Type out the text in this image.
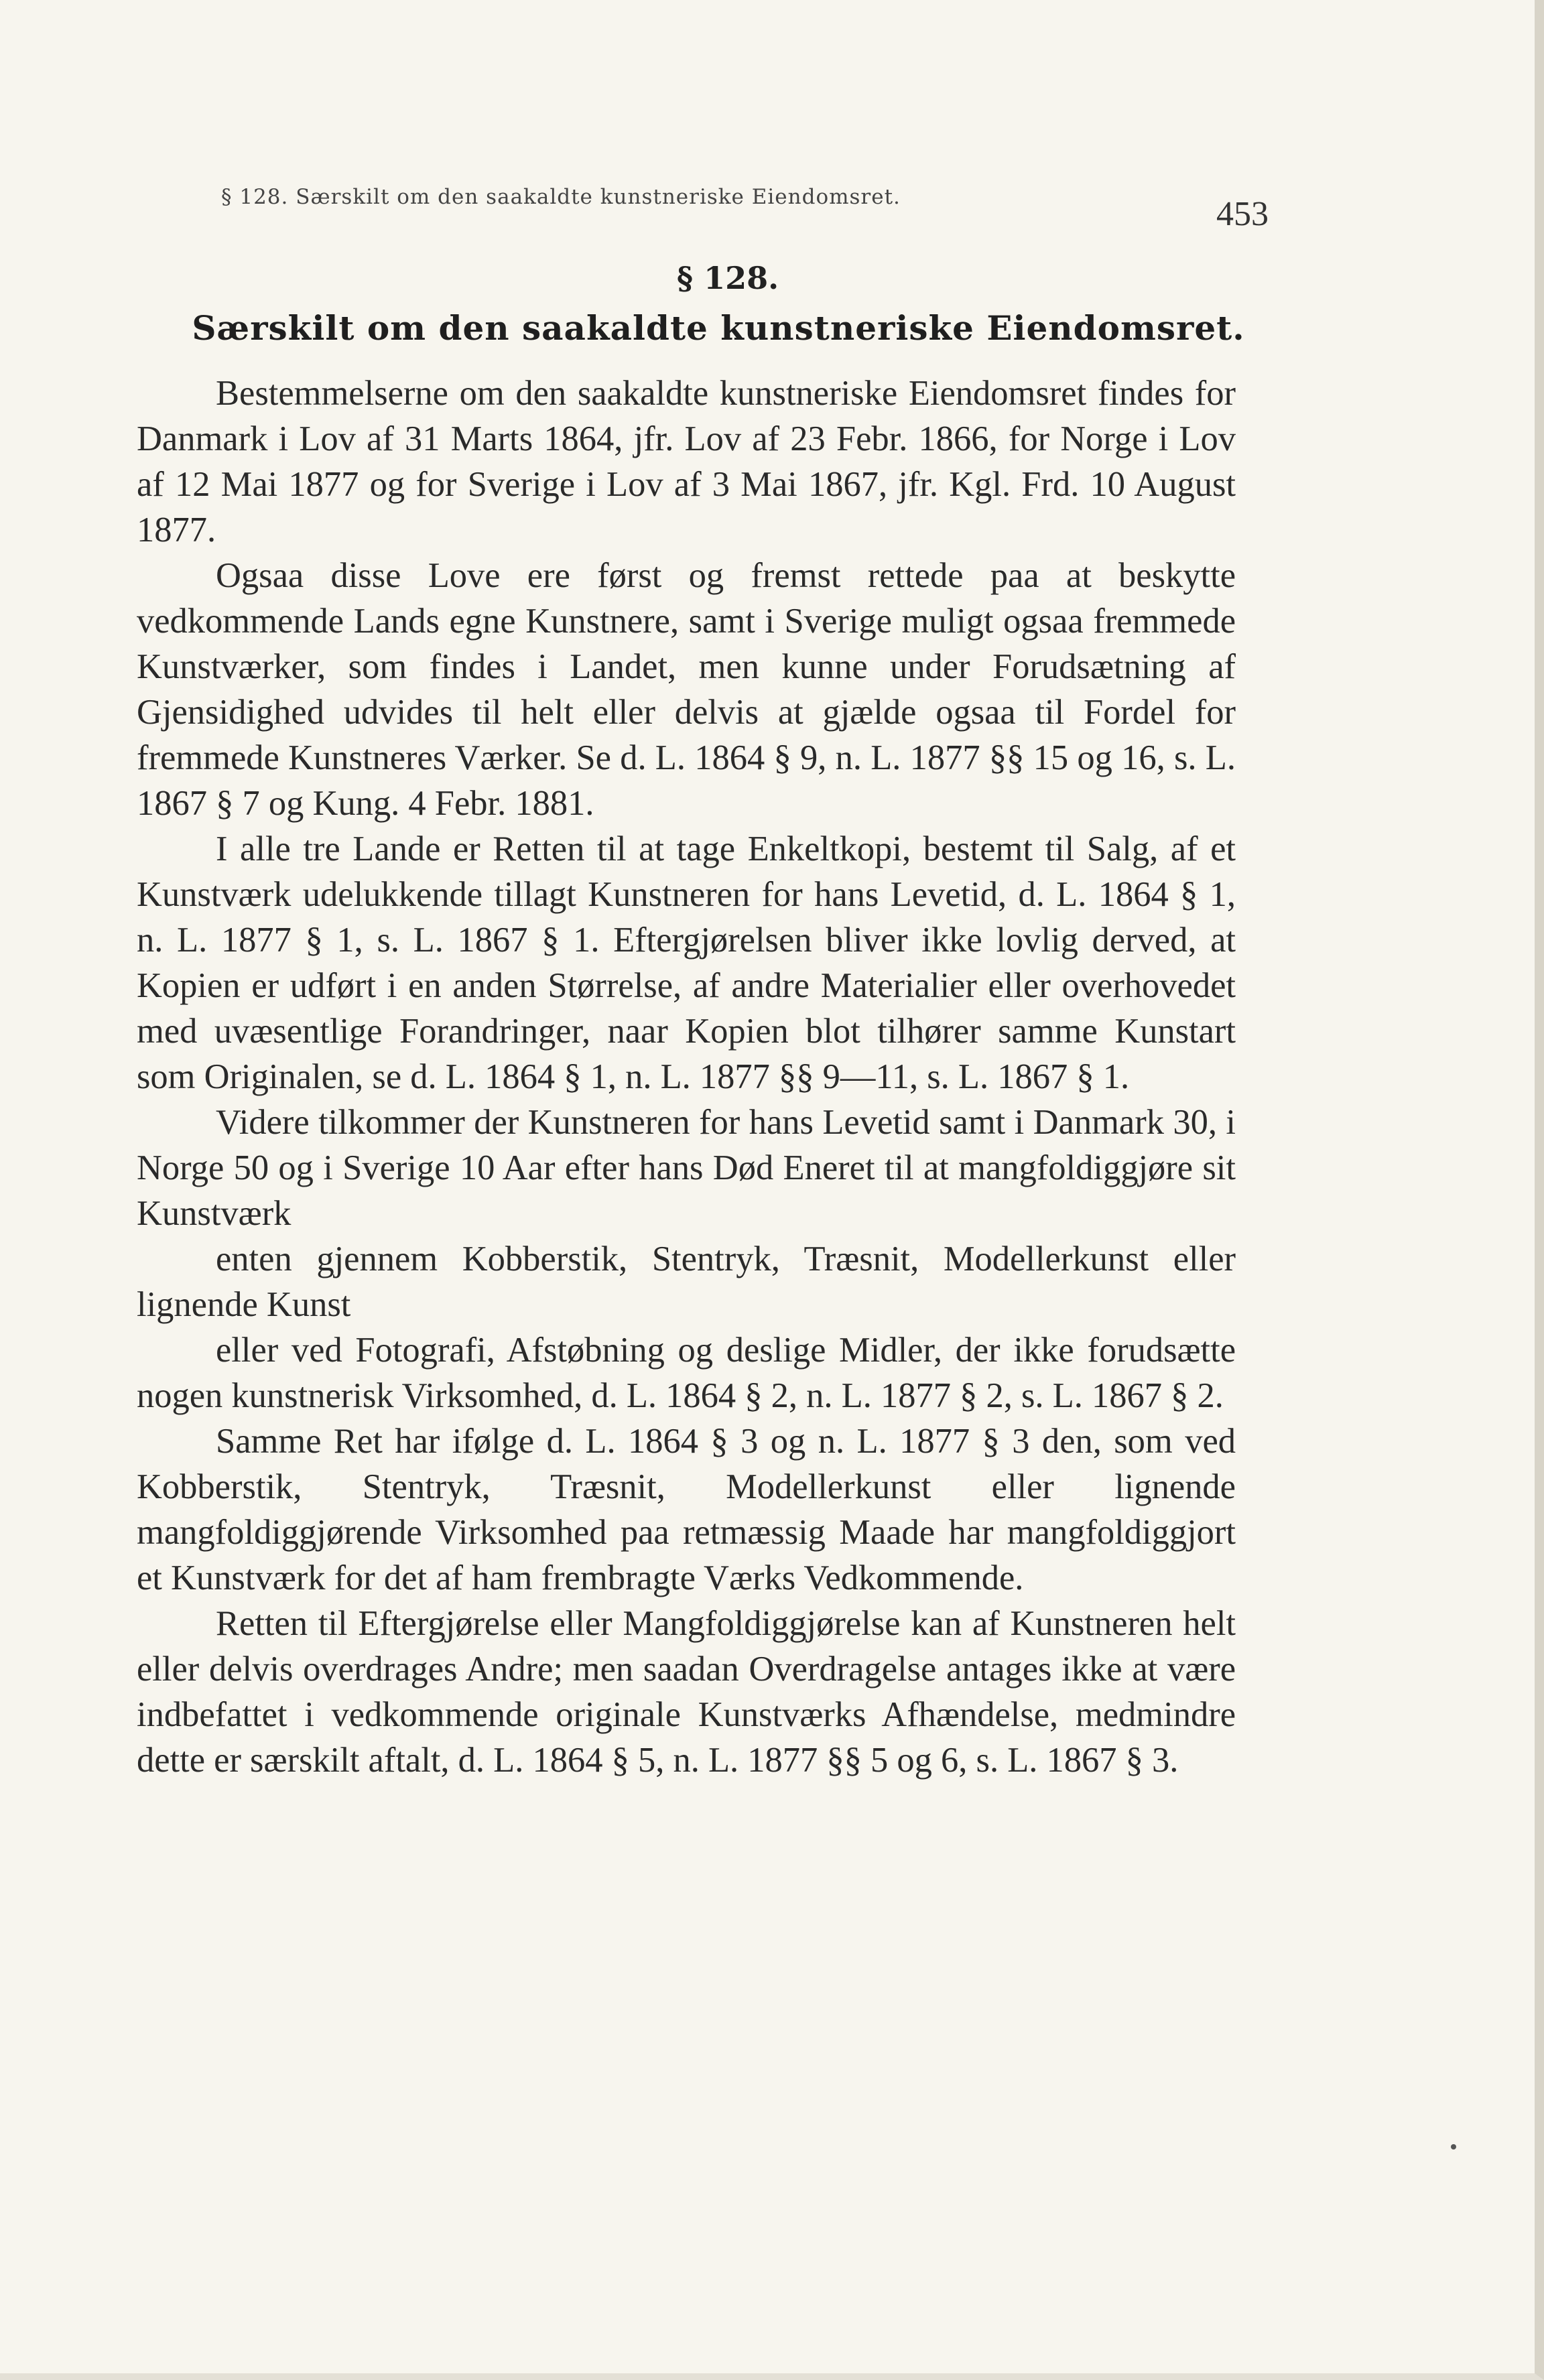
§ 128. Særskilt om den saakaldte kunstneriske Eiendomsret.	453
§ 128.
Særskilt om den saakaldte kunstneriske Eiendomsret.

Bestemmelserne om den saakaldte kunstneriske Eiendomsret findes for Danmark i Lov af 31 Marts 1864, jfr. Lov af 23 Febr. 1866, for Norge i Lov af 12 Mai 1877 og for Sverige i Lov af 3 Mai 1867, jfr. Kgl. Frd. 10 August 1877.

Ogsaa disse Love ere først og fremst rettede paa at beskytte vedkommende Lands egne Kunstnere, samt i Sverige muligt ogsaa fremmede Kunstværker, som findes i Landet, men kunne under Forudsætning af Gjensidighed udvides til helt eller delvis at gjælde ogsaa til Fordel for fremmede Kunstneres Værker. Se d. L. 1864 § 9, n. L. 1877 §§ 15 og 16, s. L. 1867 § 7 og Kung. 4 Febr. 1881.

I alle tre Lande er Retten til at tage Enkeltkopi, bestemt til Salg, af et Kunstværk udelukkende tillagt Kunstneren for hans Levetid, d. L. 1864 § 1, n. L. 1877 § 1, s. L. 1867 § 1. Eftergjørelsen bliver ikke lovlig derved, at Kopien er udført i en anden Størrelse, af andre Materialier eller overhovedet med uvæsentlige Forandringer, naar Kopien blot tilhører samme Kunstart som Originalen, se d. L. 1864 § 1, n. L. 1877 §§ 9—11, s. L. 1867 § 1.

Videre tilkommer der Kunstneren for hans Levetid samt i Danmark 30, i Norge 50 og i Sverige 10 Aar efter hans Død Eneret til at mangfoldiggjøre sit Kunstværk

enten gjennem Kobberstik, Stentryk, Træsnit, Modellerkunst eller lignende Kunst

eller ved Fotografi, Afstøbning og deslige Midler, der ikke forudsætte nogen kunstnerisk Virksomhed, d. L. 1864 § 2, n. L. 1877 § 2, s. L. 1867 § 2.

Samme Ret har ifølge d. L. 1864 § 3 og n. L. 1877 § 3 den, som ved Kobberstik, Stentryk, Træsnit, Modellerkunst eller lignende mangfoldiggjørende Virksomhed paa retmæssig Maade har mangfoldiggjort et Kunstværk for det af ham frembragte Værks Vedkommende.

Retten til Eftergjørelse eller Mangfoldiggjørelse kan af Kunstneren helt eller delvis overdrages Andre; men saadan Overdragelse antages ikke at være indbefattet i vedkommende originale Kunstværks Afhændelse, medmindre dette er særskilt aftalt, d. L. 1864 § 5, n. L. 1877 §§ 5 og 6, s. L. 1867 § 3.
